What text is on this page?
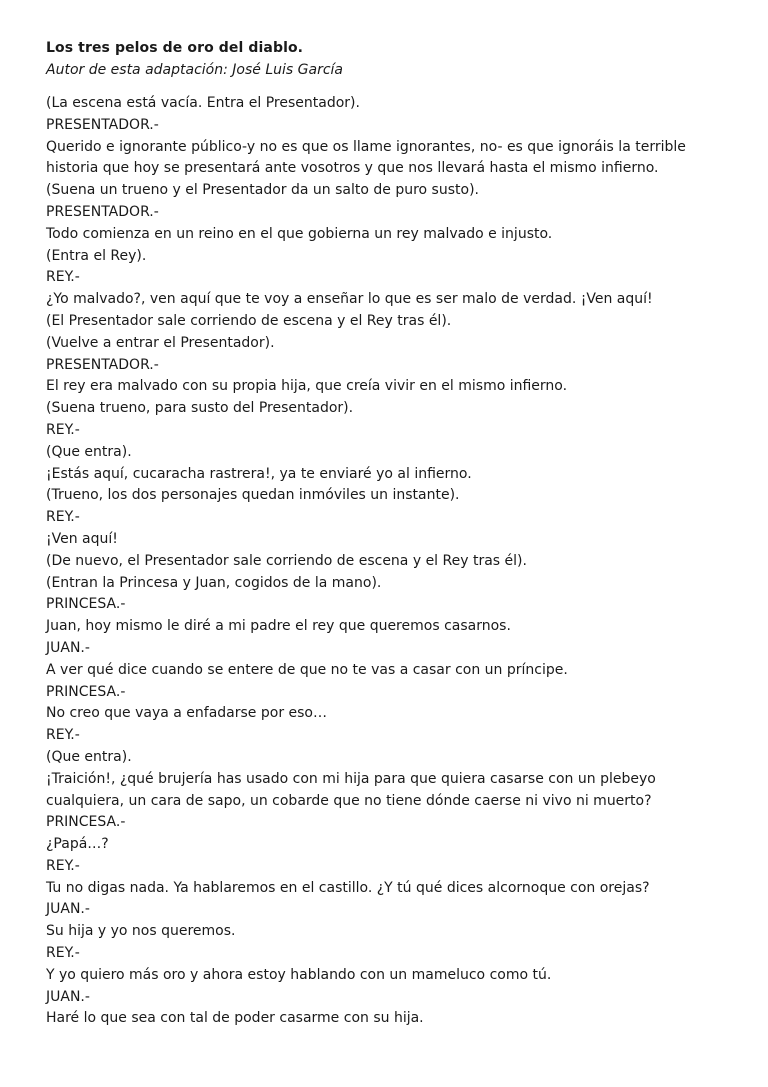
Los tres pelos de oro del diablo.
Autor de esta adaptación: José Luis García
(La escena está vacía. Entra el Presentador).
PRESENTADOR.-
Querido e ignorante público-y no es que os llame ignorantes, no- es que ignoráis la terrible
historia que hoy se presentará ante vosotros y que nos llevará hasta el mismo infierno.
(Suena un trueno y el Presentador da un salto de puro susto).
PRESENTADOR.-
Todo comienza en un reino en el que gobierna un rey malvado e injusto.
(Entra el Rey).
REY.-
¿Yo malvado?, ven aquí que te voy a enseñar lo que es ser malo de verdad. ¡Ven aquí!
(El Presentador sale corriendo de escena y el Rey tras él).
(Vuelve a entrar el Presentador).
PRESENTADOR.-
El rey era malvado con su propia hija, que creía vivir en el mismo infierno.
(Suena trueno, para susto del Presentador).
REY.-
(Que entra).
¡Estás aquí, cucaracha rastrera!, ya te enviaré yo al infierno.
(Trueno, los dos personajes quedan inmóviles un instante).
REY.-
¡Ven aquí!
(De nuevo, el Presentador sale corriendo de escena y el Rey tras él).
(Entran la Princesa y Juan, cogidos de la mano).
PRINCESA.-
Juan, hoy mismo le diré a mi padre el rey que queremos casarnos.
JUAN.-
A ver qué dice cuando se entere de que no te vas a casar con un príncipe.
PRINCESA.-
No creo que vaya a enfadarse por eso…
REY.-
(Que entra).
¡Traición!, ¿qué brujería has usado con mi hija para que quiera casarse con un plebeyo
cualquiera, un cara de sapo, un cobarde que no tiene dónde caerse ni vivo ni muerto?
PRINCESA.-
¿Papá…?
REY.-
Tu no digas nada. Ya hablaremos en el castillo. ¿Y tú qué dices alcornoque con orejas?
JUAN.-
Su hija y yo nos queremos.
REY.-
Y yo quiero más oro y ahora estoy hablando con un mameluco como tú.
JUAN.-
Haré lo que sea con tal de poder casarme con su hija.
